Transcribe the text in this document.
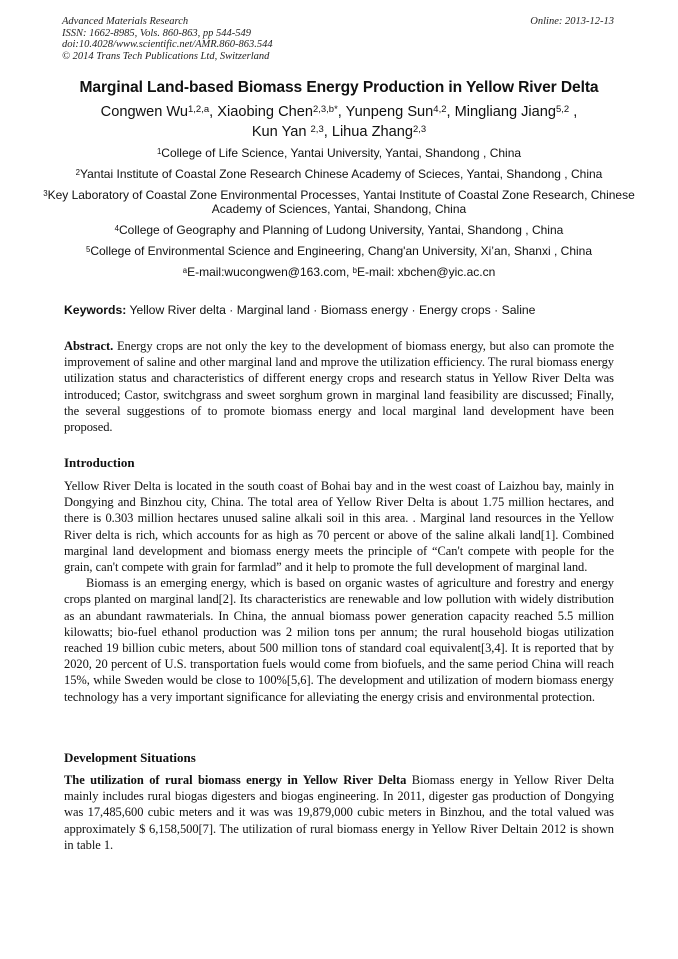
Advanced Materials Research
ISSN: 1662-8985, Vols. 860-863, pp 544-549
doi:10.4028/www.scientific.net/AMR.860-863.544
© 2014 Trans Tech Publications Ltd, Switzerland
Online: 2013-12-13
Marginal Land-based Biomass Energy Production in Yellow River Delta
Congwen Wu$^{1,2,a}$, Xiaobing Chen$^{2,3,b*}$, Yunpeng Sun$^{4,2}$, Mingliang Jiang$^{5,2}$ ,
Kun Yan $^{2,3}$, Lihua Zhang$^{2,3}$
$^1$College of Life Science, Yantai University, Yantai, Shandong , China
$^2$Yantai Institute of Coastal Zone Research Chinese Academy of Scieces, Yantai, Shandong , China
$^3$Key Laboratory of Coastal Zone Environmental Processes, Yantai Institute of Coastal Zone Research, Chinese Academy of Sciences, Yantai, Shandong, China
$^4$College of Geography and Planning of Ludong University, Yantai, Shandong , China
$^5$College of Environmental Science and Engineering, Chang'an University, Xi’an, Shanxi , China
$^a$E-mail:wucongwen@163.com, $^b$E-mail: xbchen@yic.ac.cn
Keywords: Yellow River delta · Marginal land · Biomass energy · Energy crops · Saline
Abstract. Energy crops are not only the key to the development of biomass energy, but also can promote the improvement of saline and other marginal land and mprove the utilization efficiency. The rural biomass energy utilization status and characteristics of different energy crops and research status in Yellow River Delta was introduced; Castor, switchgrass and sweet sorghum grown in marginal land feasibility are discussed; Finally, the several suggestions of to promote biomass energy and local marginal land development have been proposed.
Introduction

Yellow River Delta is located in the south coast of Bohai bay and in the west coast of Laizhou bay, mainly in Dongying and Binzhou city, China. The total area of Yellow River Delta is about 1.75 million hectares, and there is 0.303 million hectares unused saline alkali soil in this area. . Marginal land resources in the Yellow River delta is rich, which accounts for as high as 70 percent or above of the saline alkali land[1]. Combined marginal land development and biomass energy meets the principle of “Can't compete with people for the grain, can't compete with grain for farmlad” and it help to promote the full development of marginal land.

Biomass is an emerging energy, which is based on organic wastes of agriculture and forestry and energy crops planted on marginal land[2]. Its characteristics are renewable and low pollution with widely distribution as an abundant rawmaterials. In China, the annual biomass power generation capacity reached 5.5 million kilowatts; bio-fuel ethanol production was 2 milion tons per annum; the rural household biogas utilization reached 19 billion cubic meters, about 500 million tons of standard coal equivalent[3,4]. It is reported that by 2020, 20 percent of U.S. transportation fuels would come from biofuels, and the same period China will reach 15%, while Sweden would be close to 100%[5,6]. The development and utilization of modern biomass energy technology has a very important significance for alleviating the energy crisis and environmental protection.

Development Situations
The utilization of rural biomass energy in Yellow River Delta Biomass energy in Yellow River Delta mainly includes rural biogas digesters and biogas engineering. In 2011, digester gas production of Dongying was 17,485,600 cubic meters and it was was 19,879,000 cubic meters in Binzhou, and the total valued was approximately $ 6,158,500[7]. The utilization of rural biomass energy in Yellow River Deltain 2012 is shown in table 1.
